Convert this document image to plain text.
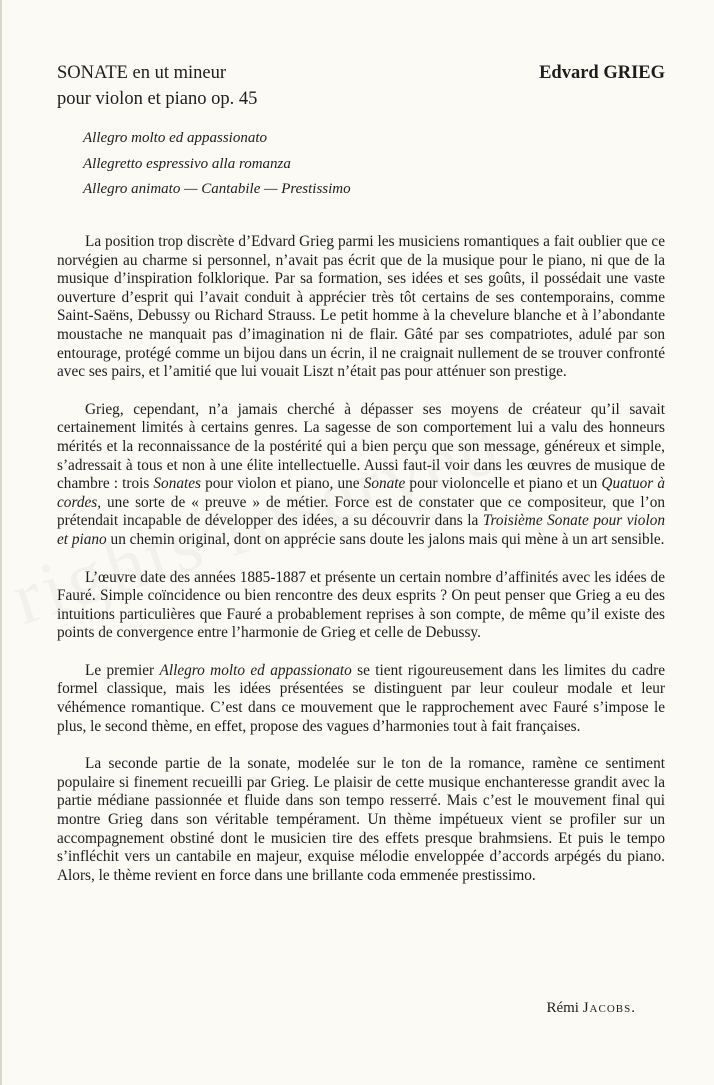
SONATE en ut mineur
pour violon et piano op. 45
Edvard GRIEG
Allegro molto ed appassionato
Allegretto espressivo alla romanza
Allegro animato — Cantabile — Prestissimo

La position trop discrète d’Edvard Grieg parmi les musiciens romantiques a fait oublier que ce norvégien au charme si personnel, n’avait pas écrit que de la musique pour le piano, ni que de la musique d’inspiration folklorique. Par sa formation, ses idées et ses goûts, il possédait une vaste ouverture d’esprit qui l’avait conduit à apprécier très tôt certains de ses contemporains, comme Saint-Saëns, Debussy ou Richard Strauss. Le petit homme à la chevelure blanche et à l’abondante moustache ne manquait pas d’imagination ni de flair. Gâté par ses compatriotes, adulé par son entourage, protégé comme un bijou dans un écrin, il ne craignait nullement de se trouver confronté avec ses pairs, et l’amitié que lui vouait Liszt n’était pas pour atténuer son prestige.

Grieg, cependant, n’a jamais cherché à dépasser ses moyens de créateur qu’il savait certainement limités à certains genres. La sagesse de son comportement lui a valu des honneurs mérités et la reconnaissance de la postérité qui a bien perçu que son message, généreux et simple, s’adressait à tous et non à une élite intellectuelle. Aussi faut-il voir dans les œuvres de musique de chambre : trois Sonates pour violon et piano, une Sonate pour violoncelle et piano et un Quatuor à cordes, une sorte de « preuve » de métier. Force est de constater que ce compositeur, que l’on prétendait incapable de développer des idées, a su découvrir dans la Troisième Sonate pour violon et piano un chemin original, dont on apprécie sans doute les jalons mais qui mène à un art sensible.

L’œuvre date des années 1885-1887 et présente un certain nombre d’affinités avec les idées de Fauré. Simple coïncidence ou bien rencontre des deux esprits ? On peut penser que Grieg a eu des intuitions particulières que Fauré a probablement reprises à son compte, de même qu’il existe des points de convergence entre l’harmonie de Grieg et celle de Debussy.

Le premier Allegro molto ed appassionato se tient rigoureusement dans les limites du cadre formel classique, mais les idées présentées se distinguent par leur couleur modale et leur véhémence romantique. C’est dans ce mouvement que le rapprochement avec Fauré s’impose le plus, le second thème, en effet, propose des vagues d’harmonies tout à fait françaises.

La seconde partie de la sonate, modelée sur le ton de la romance, ramène ce sentiment populaire si finement recueilli par Grieg. Le plaisir de cette musique enchanteresse grandit avec la partie médiane passionnée et fluide dans son tempo resserré. Mais c’est le mouvement final qui montre Grieg dans son véritable tempérament. Un thème impétueux vient se profiler sur un accompagnement obstiné dont le musicien tire des effets presque brahmsiens. Et puis le tempo s’infléchit vers un cantabile en majeur, exquise mélodie enveloppée d’accords arpégés du piano. Alors, le thème revient en force dans une brillante coda emmenée prestissimo.

Rémi Jacobs.
